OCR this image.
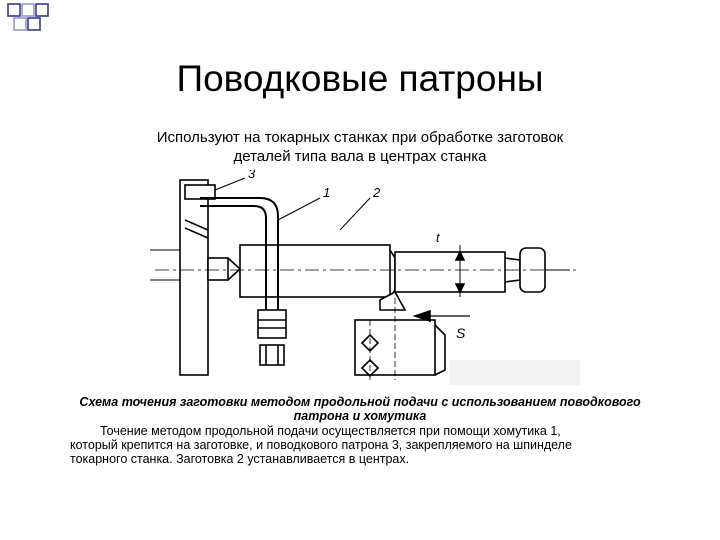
Поводковые патроны
Используют на токарных станках при обработке заготовок
деталей типа вала в центрах станка
3
1	2
t
S
Схема точения заготовки методом продольной подачи с использованием поводкового
патрона и хомутика
Точение методом продольной подачи осуществляется при помощи хомутика 1,
который крепится на заготовке, и поводкового патрона 3, закрепляемого на шпинделе
токарного станка. Заготовка 2 устанавливается в центрах.
